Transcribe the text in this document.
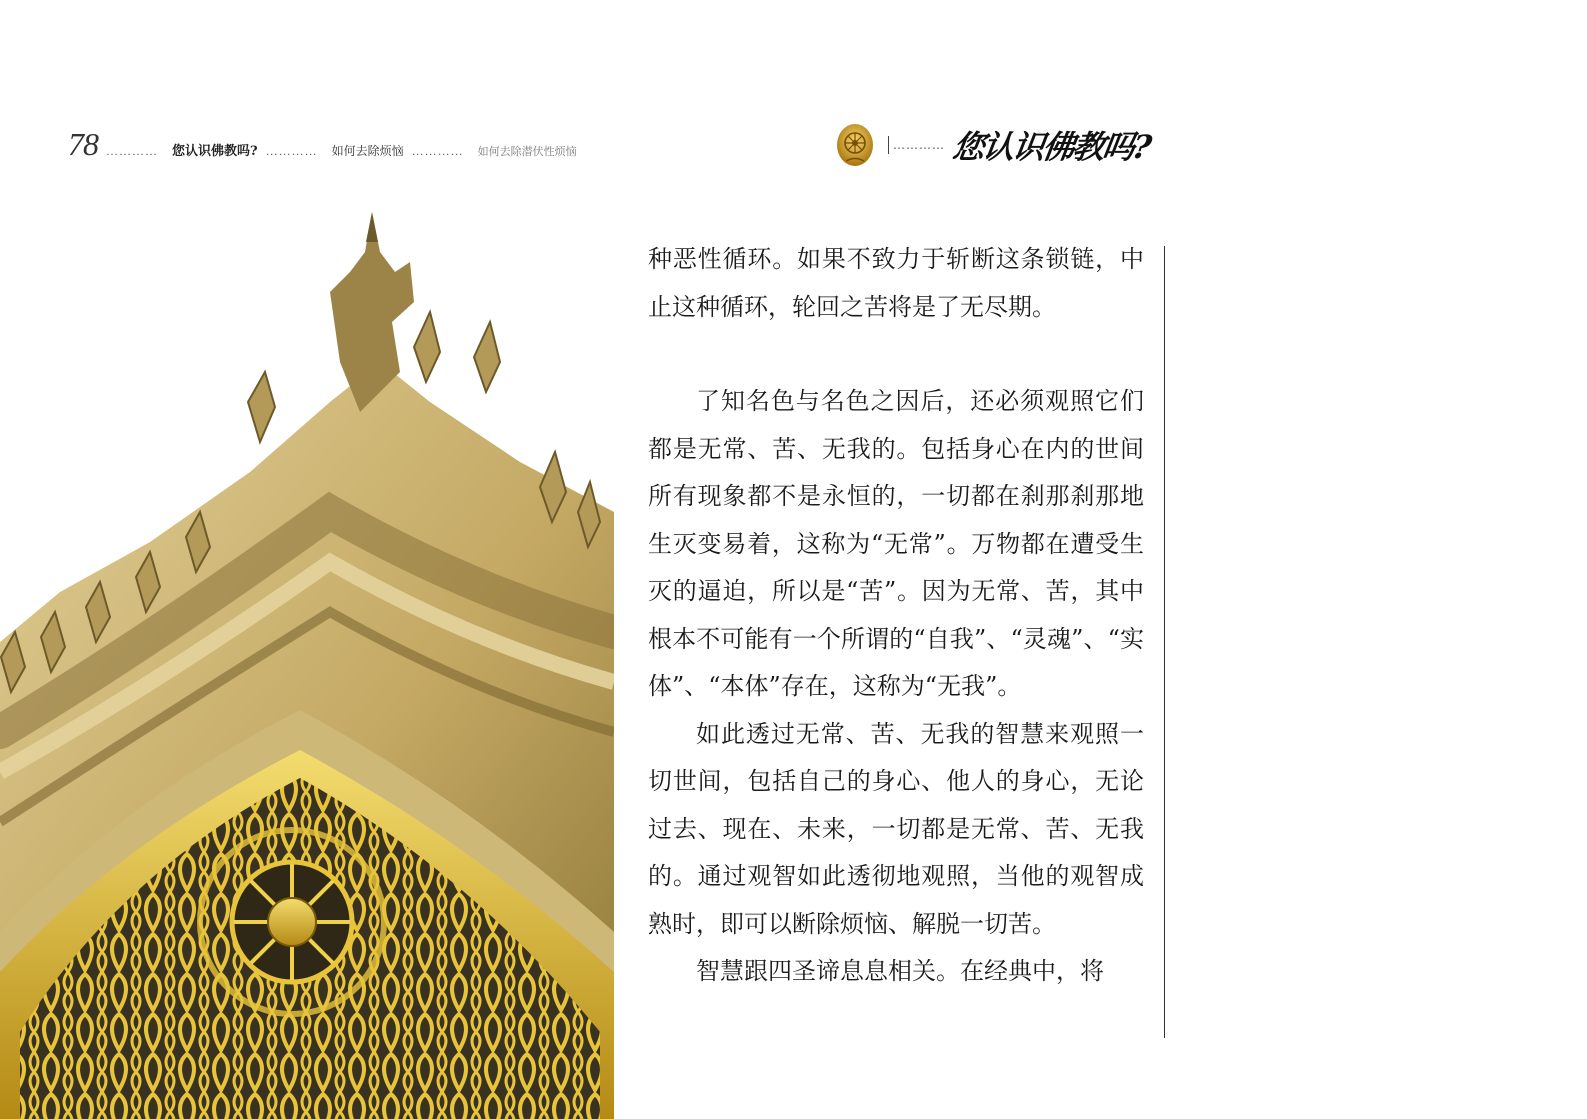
78 ………… 您认识佛教吗? ………… 如何去除烦恼 ………… 如何去除潜伏性烦恼	………… 您认识佛教吗?

种恶性循环。如果不致力于斩断这条锁链，中止这种循环，轮回之苦将是了无尽期。

了知名色与名色之因后，还必须观照它们都是无常、苦、无我的。包括身心在内的世间所有现象都不是永恒的，一切都在刹那刹那地生灭变易着，这称为“无常”。万物都在遭受生灭的逼迫，所以是“苦”。因为无常、苦，其中根本不可能有一个所谓的“自我”、“灵魂”、“实体”、“本体”存在，这称为“无我”。

如此透过无常、苦、无我的智慧来观照一切世间，包括自己的身心、他人的身心，无论过去、现在、未来，一切都是无常、苦、无我的。通过观智如此透彻地观照，当他的观智成熟时，即可以断除烦恼、解脱一切苦。

智慧跟四圣谛息息相关。在经典中，将
